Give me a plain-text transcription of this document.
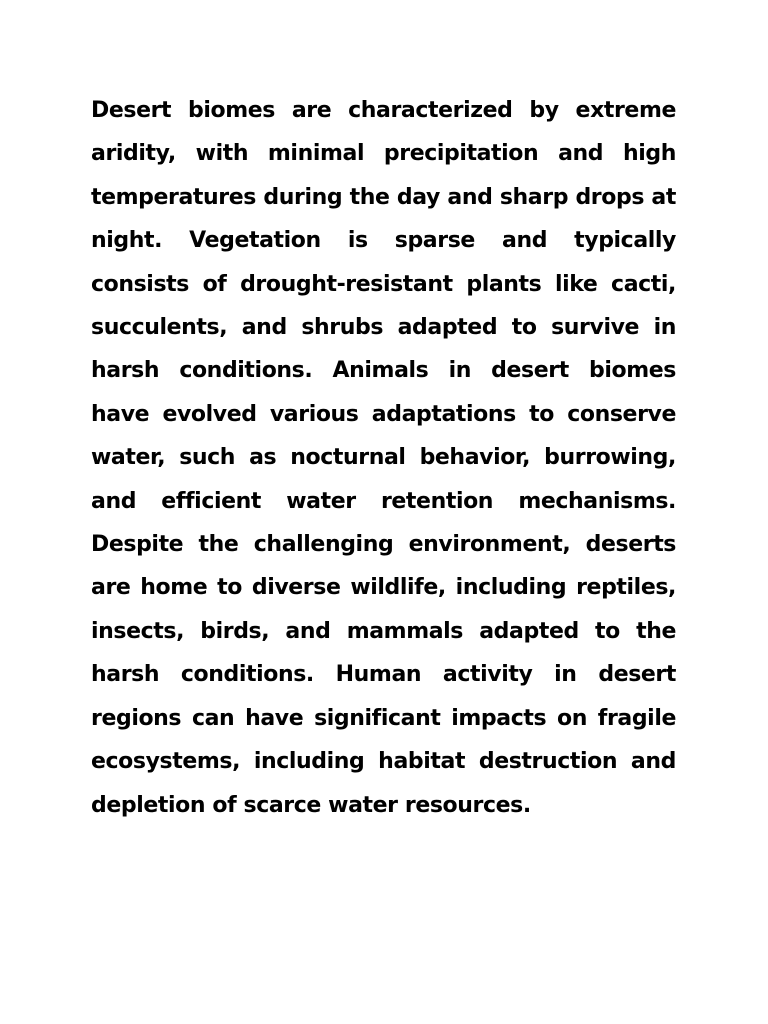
Desert biomes are characterized by extreme aridity, with minimal precipitation and high temperatures during the day and sharp drops at night. Vegetation is sparse and typically consists of drought-resistant plants like cacti, succulents, and shrubs adapted to survive in harsh conditions. Animals in desert biomes have evolved various adaptations to conserve water, such as nocturnal behavior, burrowing, and efficient water retention mechanisms. Despite the challenging environment, deserts are home to diverse wildlife, including reptiles, insects, birds, and mammals adapted to the harsh conditions. Human activity in desert regions can have significant impacts on fragile ecosystems, including habitat destruction and depletion of scarce water resources.
